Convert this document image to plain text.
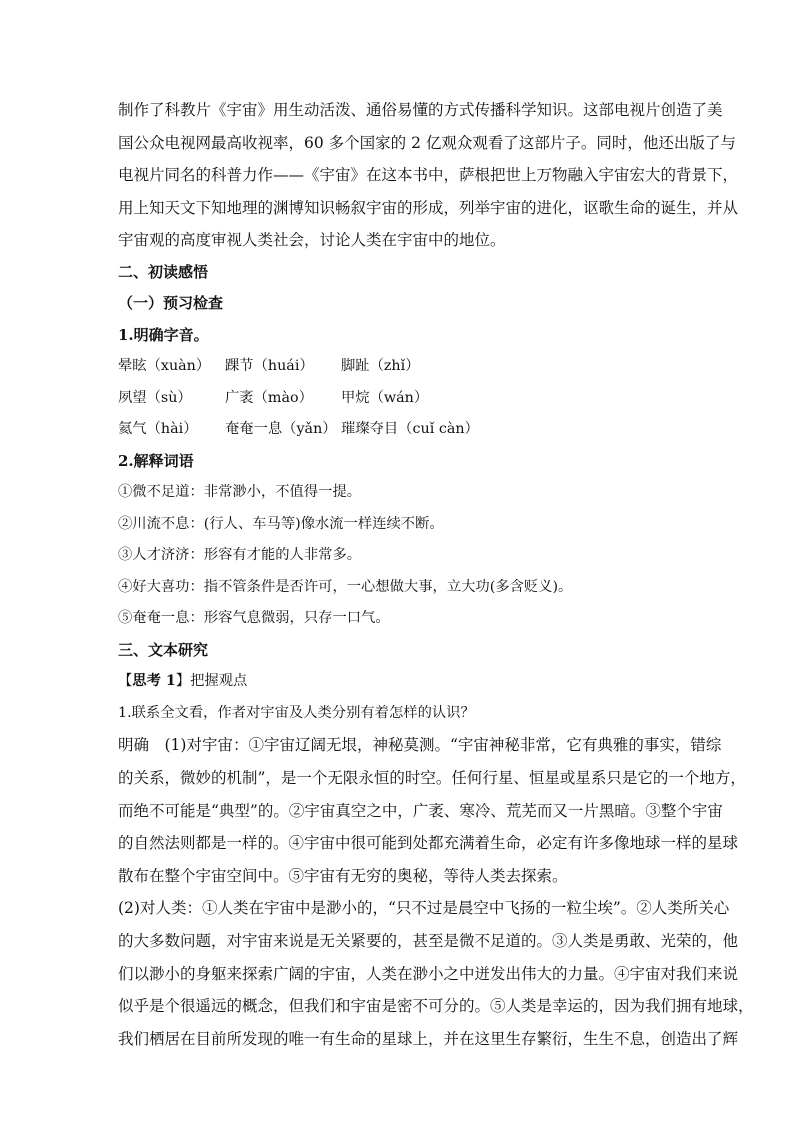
制作了科教片《宇宙》用生动活泼、通俗易懂的方式传播科学知识。这部电视片创造了美

国公众电视网最高收视率，60 多个国家的 2 亿观众观看了这部片子。同时，他还出版了与

电视片同名的科普力作——《宇宙》在这本书中，萨根把世上万物融入宇宙宏大的背景下，

用上知天文下知地理的渊博知识畅叙宇宙的形成，列举宇宙的进化，讴歌生命的诞生，并从

宇宙观的高度审视人类社会，讨论人类在宇宙中的地位。

二、初读感悟

（一）预习检查

1.明确字音。

晕眩（xuàn）	踝节（huái）	脚趾（zhǐ）
夙望（sù）	广袤（mào）	甲烷（wán）
氦气（hài）	奄奄一息（yǎn） 璀璨夺目（cuǐ càn）

2.解释词语

①微不足道：非常渺小，不值得一提。

②川流不息：(行人、车马等)像水流一样连续不断。

③人才济济：形容有才能的人非常多。

④好大喜功：指不管条件是否许可，一心想做大事，立大功(多含贬义)。

⑤奄奄一息：形容气息微弱，只存一口气。

三、文本研究

【思考 1】把握观点

1.联系全文看，作者对宇宙及人类分别有着怎样的认识？

明确　(1)对宇宙：①宇宙辽阔无垠，神秘莫测。“宇宙神秘非常，它有典雅的事实，错综

的关系，微妙的机制”，是一个无限永恒的时空。任何行星、恒星或星系只是它的一个地方，

而绝不可能是“典型”的。②宇宙真空之中，广袤、寒冷、荒芜而又一片黑暗。③整个宇宙

的自然法则都是一样的。④宇宙中很可能到处都充满着生命，必定有许多像地球一样的星球

散布在整个宇宙空间中。⑤宇宙有无穷的奥秘，等待人类去探索。

(2)对人类：①人类在宇宙中是渺小的，“只不过是晨空中飞扬的一粒尘埃”。②人类所关心

的大多数问题，对宇宙来说是无关紧要的，甚至是微不足道的。③人类是勇敢、光荣的，他

们以渺小的身躯来探索广阔的宇宙，人类在渺小之中迸发出伟大的力量。④宇宙对我们来说

似乎是个很遥远的概念，但我们和宇宙是密不可分的。⑤人类是幸运的，因为我们拥有地球，

我们栖居在目前所发现的唯一有生命的星球上，并在这里生存繁衍，生生不息，创造出了辉
